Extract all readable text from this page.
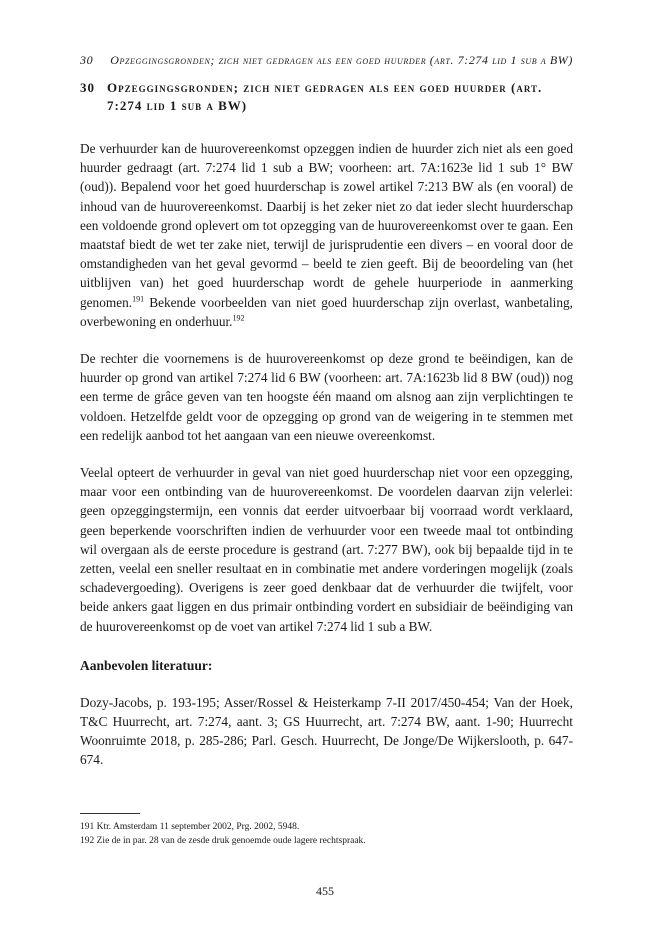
30	Opzeggingsgronden; zich niet gedragen als een goed huurder (art. 7:274 lid 1 sub a BW)
30 Opzeggingsgronden; zich niet gedragen als een goed huurder (art. 7:274 lid 1 sub a BW)

De verhuurder kan de huurovereenkomst opzeggen indien de huurder zich niet als een goed huurder gedraagt (art. 7:274 lid 1 sub a BW; voorheen: art. 7A:1623e lid 1 sub 1° BW (oud)). Bepalend voor het goed huurderschap is zowel artikel 7:213 BW als (en vooral) de inhoud van de huurovereenkomst. Daarbij is het zeker niet zo dat ieder slecht huurderschap een voldoende grond oplevert om tot opzegging van de huurovereenkomst over te gaan. Een maatstaf biedt de wet ter zake niet, terwijl de jurisprudentie een divers – en vooral door de omstandigheden van het geval gevormd – beeld te zien geeft. Bij de beoordeling van (het uitblijven van) het goed huurderschap wordt de gehele huurperiode in aanmerking genomen.$^{191}$ Bekende voorbeelden van niet goed huurderschap zijn overlast, wanbetaling, overbewoning en onderhuur.$^{192}$

De rechter die voornemens is de huurovereenkomst op deze grond te beëindigen, kan de huurder op grond van artikel 7:274 lid 6 BW (voorheen: art. 7A:1623b lid 8 BW (oud)) nog een terme de grâce geven van ten hoogste één maand om alsnog aan zijn verplichtingen te voldoen. Hetzelfde geldt voor de opzegging op grond van de weigering in te stemmen met een redelijk aanbod tot het aangaan van een nieuwe overeenkomst.

Veelal opteert de verhuurder in geval van niet goed huurderschap niet voor een opzegging, maar voor een ontbinding van de huurovereenkomst. De voordelen daarvan zijn velerlei: geen opzeggingstermijn, een vonnis dat eerder uitvoerbaar bij voorraad wordt verklaard, geen beperkende voorschriften indien de verhuurder voor een tweede maal tot ontbinding wil overgaan als de eerste procedure is gestrand (art. 7:277 BW), ook bij bepaalde tijd in te zetten, veelal een sneller resultaat en in combinatie met andere vorderingen mogelijk (zoals schadevergoeding). Overigens is zeer goed denkbaar dat de verhuurder die twijfelt, voor beide ankers gaat liggen en dus primair ontbinding vordert en subsidiair de beëindiging van de huurovereenkomst op de voet van artikel 7:274 lid 1 sub a BW.

Aanbevolen literatuur:

Dozy-Jacobs, p. 193-195; Asser/Rossel & Heisterkamp 7-II 2017/450-454; Van der Hoek, T&C Huurrecht, art. 7:274, aant. 3; GS Huurrecht, art. 7:274 BW, aant. 1-90; Huurrecht Woonruimte 2018, p. 285-286; Parl. Gesch. Huurrecht, De Jonge/De Wijkerslooth, p. 647-674.

191 Ktr. Amsterdam 11 september 2002, Prg. 2002, 5948.
192 Zie de in par. 28 van de zesde druk genoemde oude lagere rechtspraak.
455
